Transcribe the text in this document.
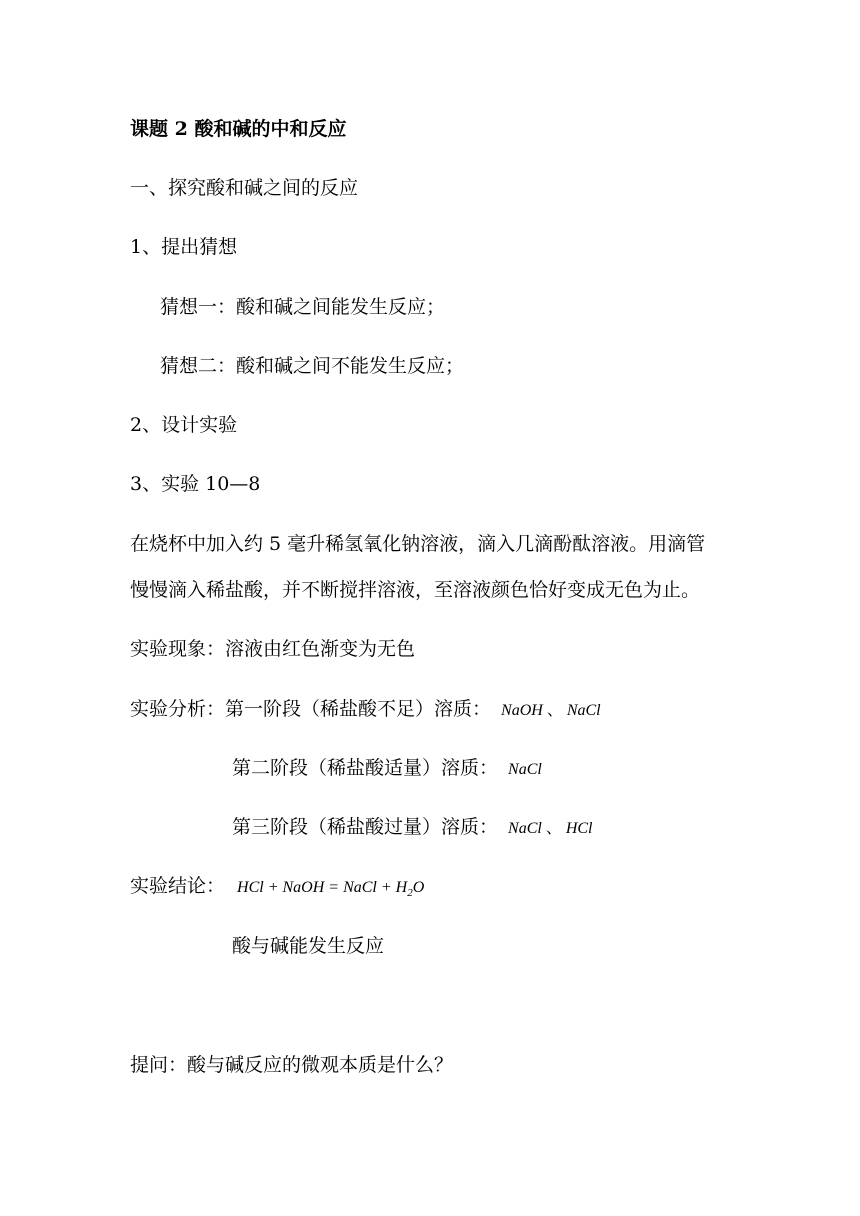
课题 2 酸和碱的中和反应
一、探究酸和碱之间的反应
1、提出猜想
猜想一：酸和碱之间能发生反应；
猜想二：酸和碱之间不能发生反应；
2、设计实验
3、实验 10—8
在烧杯中加入约 5 毫升稀氢氧化钠溶液，滴入几滴酚酞溶液。用滴管
慢慢滴入稀盐酸，并不断搅拌溶液，至溶液颜色恰好变成无色为止。
实验现象：溶液由红色渐变为无色
实验分析：第一阶段（稀盐酸不足）溶质： NaOH 、 NaCl
第二阶段（稀盐酸适量）溶质： NaCl
第三阶段（稀盐酸过量）溶质： NaCl 、 HCl
实验结论： HCl + NaOH = NaCl + $H_2O$
酸与碱能发生反应
提问：酸与碱反应的微观本质是什么？
